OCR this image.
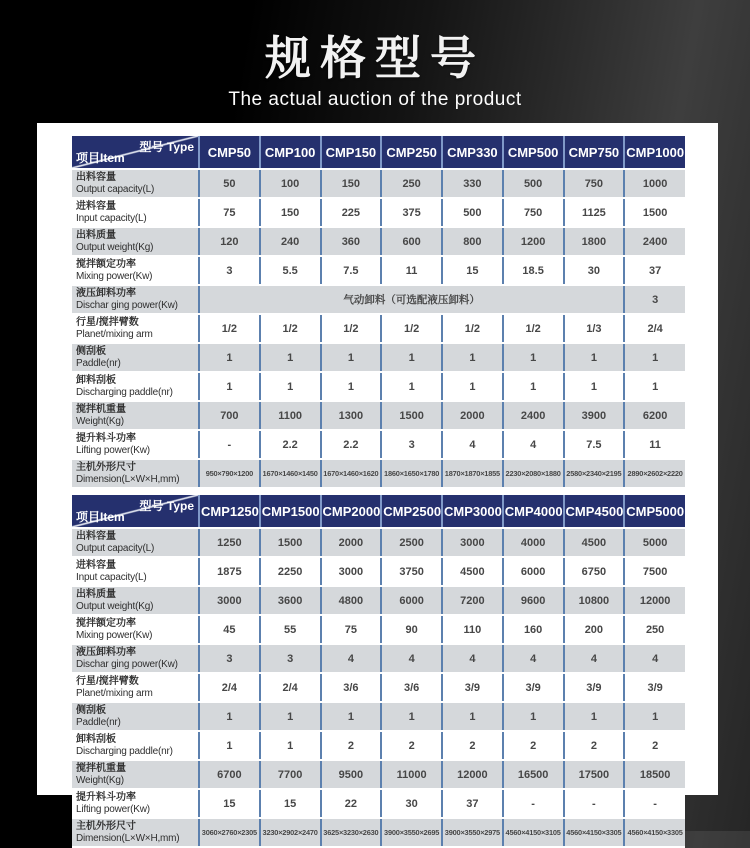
规格型号
The actual auction of the product
型号 Type
项目Item	CMP50	CMP100	CMP150	CMP250	CMP330	CMP500	CMP750	CMP1000

出料容量
Output capacity(L)	50	100	150	250	330	500	750	1000

进料容量
Input capacity(L)	75	150	225	375	500	750	1125	1500

出料质量
Output weight(Kg)	120	240	360	600	800	1200	1800	2400

搅拌额定功率
Mixing power(Kw)	3	5.5	7.5	11	15	18.5	30	37

液压卸料功率
Dischar ging power(Kw)	气动卸料（可选配液压卸料）							3

行星/搅拌臂数
Planet/mixing arm	1/2	1/2	1/2	1/2	1/2	1/2	1/3	2/4

侧刮板
Paddle(nr)	1	1	1	1	1	1	1	1

卸料刮板
Discharging paddle(nr)	1	1	1	1	1	1	1	1

搅拌机重量
Weight(Kg)	700	1100	1300	1500	2000	2400	3900	6200

提升料斗功率
Lifting power(Kw)	-	2.2	2.2	3	4	4	7.5	11

主机外形尺寸
Dimension(L×W×H,mm)	950×790×1200	1670×1460×1450	1670×1460×1620	1860×1650×1780	1870×1870×1855	2230×2080×1880	2580×2340×2195	2890×2602×2220
型号 Type
项目Item	CMP1250	CMP1500	CMP2000	CMP2500	CMP3000	CMP4000	CMP4500	CMP5000

出料容量
Output capacity(L)	1250	1500	2000	2500	3000	4000	4500	5000

进料容量
Input capacity(L)	1875	2250	3000	3750	4500	6000	6750	7500

出料质量
Output weight(Kg)	3000	3600	4800	6000	7200	9600	10800	12000

搅拌额定功率
Mixing power(Kw)	45	55	75	90	110	160	200	250

液压卸料功率
Dischar ging power(Kw)	3	3	4	4	4	4	4	4

行星/搅拌臂数
Planet/mixing arm	2/4	2/4	3/6	3/6	3/9	3/9	3/9	3/9

侧刮板
Paddle(nr)	1	1	1	1	1	1	1	1

卸料刮板
Discharging paddle(nr)	1	1	2	2	2	2	2	2

搅拌机重量
Weight(Kg)	6700	7700	9500	11000	12000	16500	17500	18500

提升料斗功率
Lifting power(Kw)	15	15	22	30	37	-	-	-

主机外形尺寸
Dimension(L×W×H,mm)	3060×2760×2305	3230×2902×2470	3625×3230×2630	3900×3550×2695	3900×3550×2975	4560×4150×3105	4560×4150×3305	4560×4150×3305
